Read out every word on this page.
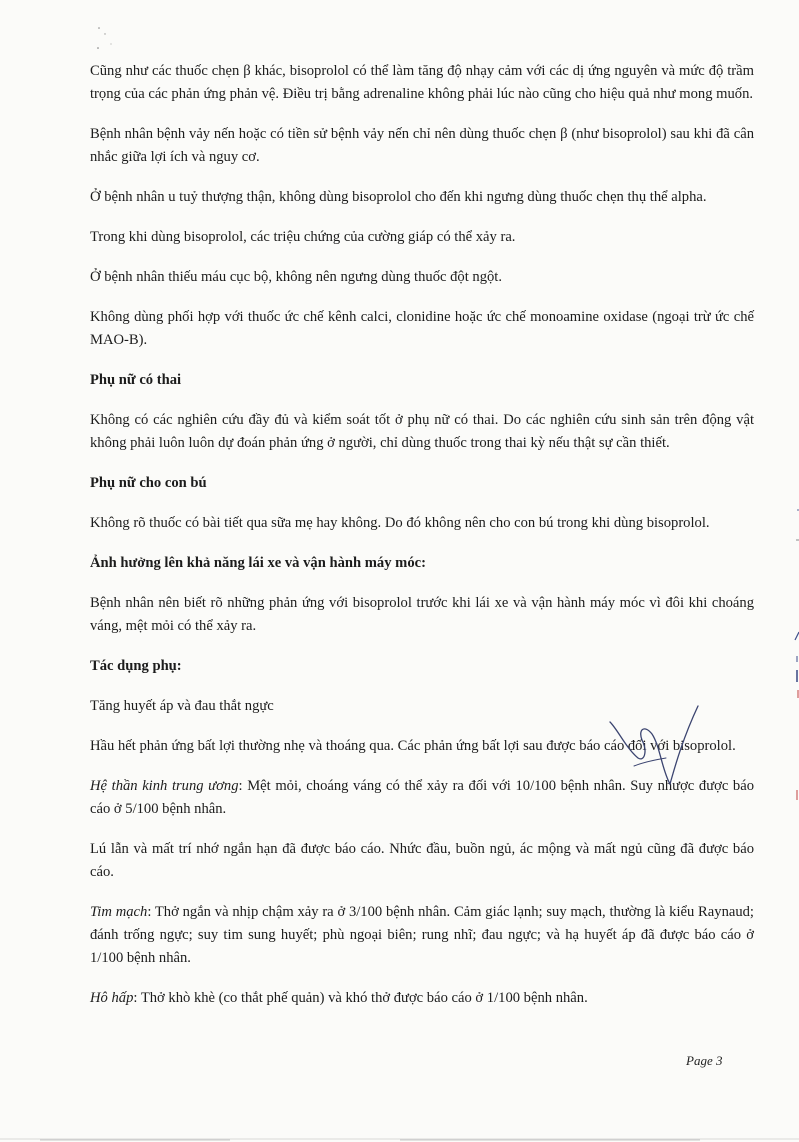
Cũng như các thuốc chẹn β khác, bisoprolol có thể làm tăng độ nhạy cảm với các dị ứng nguyên và mức độ trầm trọng của các phản ứng phản vệ. Điều trị bằng adrenaline không phải lúc nào cũng cho hiệu quả như mong muốn.

Bệnh nhân bệnh vảy nến hoặc có tiền sử bệnh vảy nến chỉ nên dùng thuốc chẹn β (như bisoprolol) sau khi đã cân nhắc giữa lợi ích và nguy cơ.

Ở bệnh nhân u tuỷ thượng thận, không dùng bisoprolol cho đến khi ngưng dùng thuốc chẹn thụ thể alpha.

Trong khi dùng bisoprolol, các triệu chứng của cường giáp có thể xảy ra.

Ở bệnh nhân thiếu máu cục bộ, không nên ngưng dùng thuốc đột ngột.

Không dùng phối hợp với thuốc ức chế kênh calci, clonidine hoặc ức chế monoamine oxidase (ngoại trừ ức chế MAO-B).

Phụ nữ có thai

Không có các nghiên cứu đầy đủ và kiểm soát tốt ở phụ nữ có thai. Do các nghiên cứu sinh sản trên động vật không phải luôn luôn dự đoán phản ứng ở người, chỉ dùng thuốc trong thai kỳ nếu thật sự cần thiết.

Phụ nữ cho con bú

Không rõ thuốc có bài tiết qua sữa mẹ hay không. Do đó không nên cho con bú trong khi dùng bisoprolol.

Ảnh hưởng lên khả năng lái xe và vận hành máy móc:

Bệnh nhân nên biết rõ những phản ứng với bisoprolol trước khi lái xe và vận hành máy móc vì đôi khi choáng váng, mệt mỏi có thể xảy ra.

Tác dụng phụ:

Tăng huyết áp và đau thắt ngực

Hầu hết phản ứng bất lợi thường nhẹ và thoáng qua. Các phản ứng bất lợi sau được báo cáo đối với bisoprolol.

Hệ thần kinh trung ương: Mệt mỏi, choáng váng có thể xảy ra đối với 10/100 bệnh nhân. Suy nhược được báo cáo ở 5/100 bệnh nhân.

Lú lẫn và mất trí nhớ ngắn hạn đã được báo cáo. Nhức đầu, buồn ngủ, ác mộng và mất ngủ cũng đã được báo cáo.

Tim mạch: Thở ngắn và nhịp chậm xảy ra ở 3/100 bệnh nhân. Cảm giác lạnh; suy mạch, thường là kiểu Raynaud; đánh trống ngực; suy tim sung huyết; phù ngoại biên; rung nhĩ; đau ngực; và hạ huyết áp đã được báo cáo ở 1/100 bệnh nhân.

Hô hấp: Thở khò khè (co thắt phế quản) và khó thở được báo cáo ở 1/100 bệnh nhân.

Page 3
